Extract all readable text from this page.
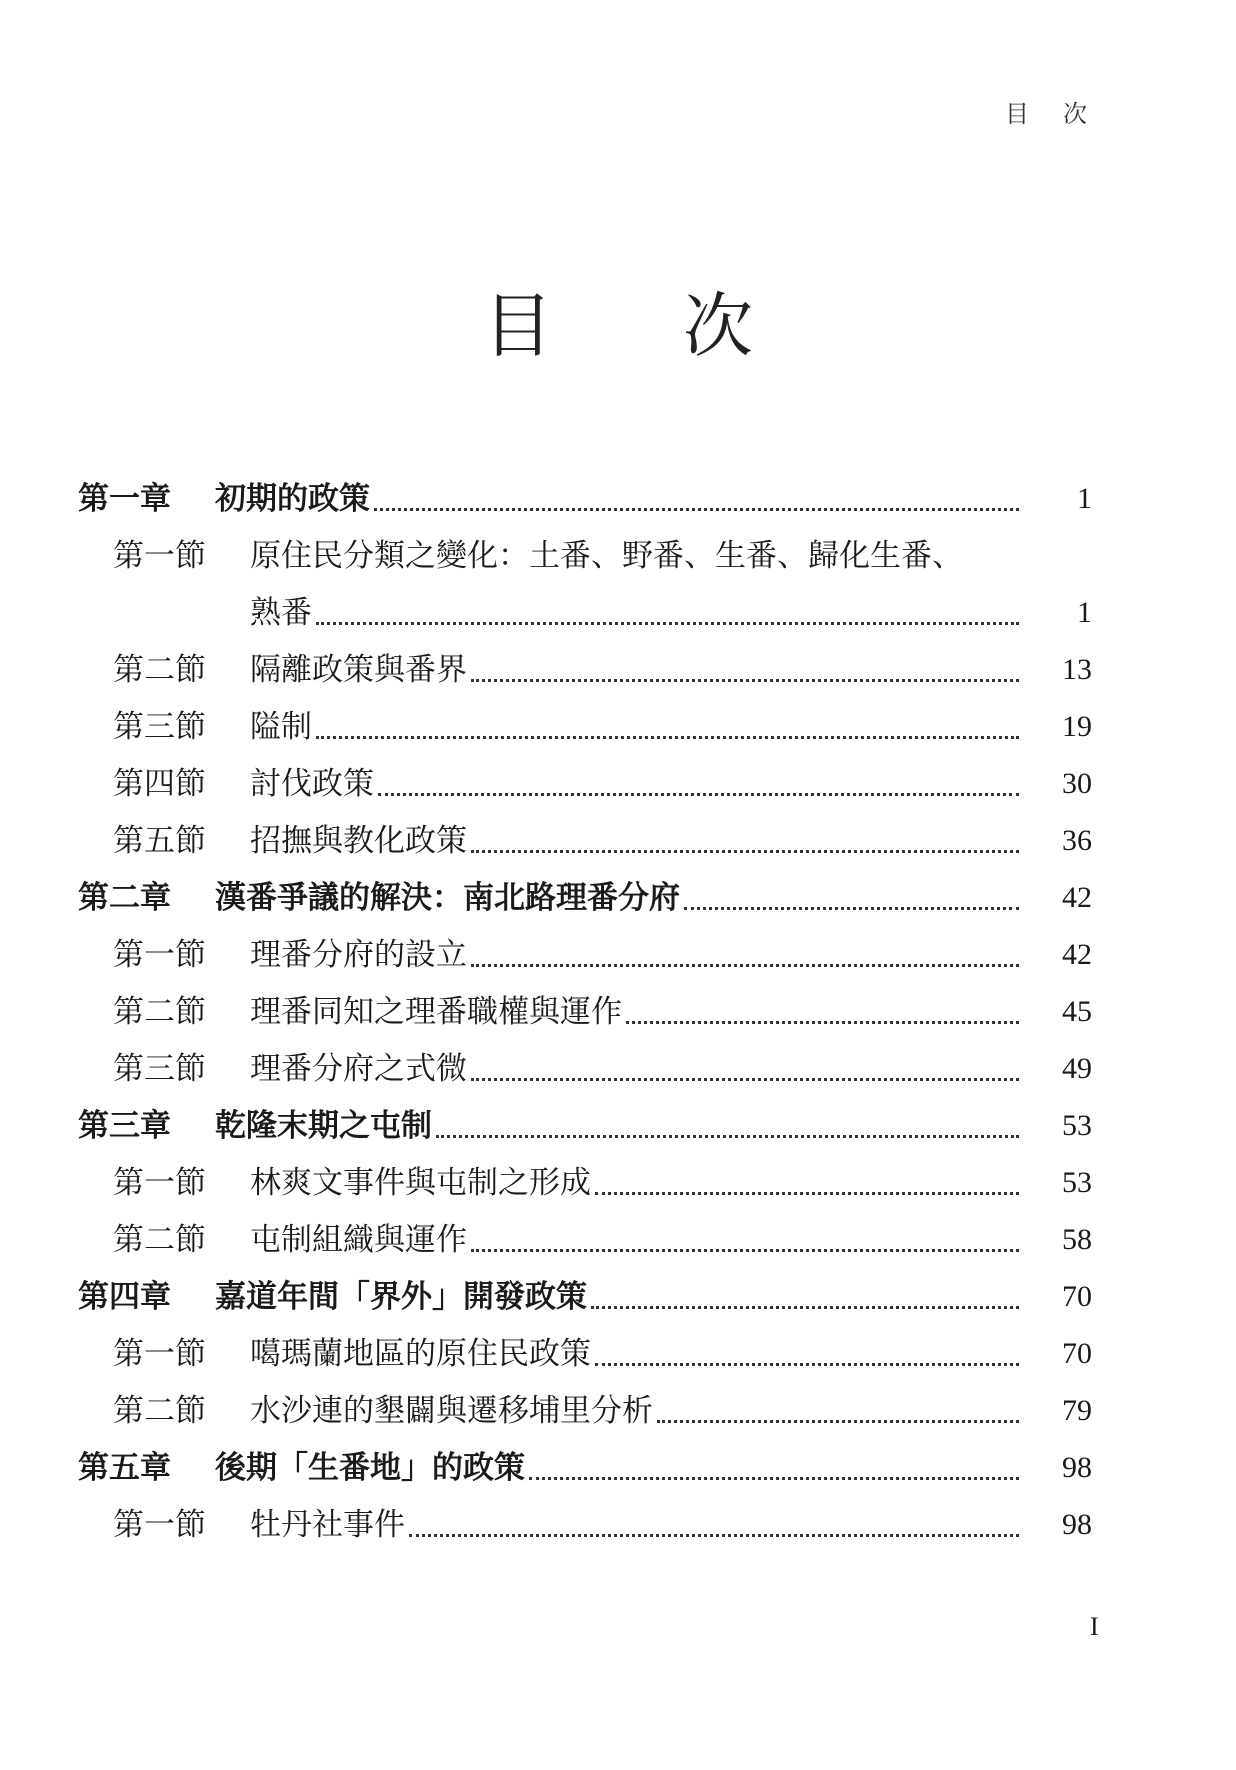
目 次
目 次
第一章	初期的政策	1
第一節	原住民分類之變化：土番、野番、生番、歸化生番、
熟番	1
第二節	隔離政策與番界	13
第三節	隘制	19
第四節	討伐政策	30
第五節	招撫與教化政策	36
第二章	漢番爭議的解決：南北路理番分府	42
第一節	理番分府的設立	42
第二節	理番同知之理番職權與運作	45
第三節	理番分府之式微	49
第三章	乾隆末期之屯制	53
第一節	林爽文事件與屯制之形成	53
第二節	屯制組織與運作	58
第四章	嘉道年間「界外」開發政策	70
第一節	噶瑪蘭地區的原住民政策	70
第二節	水沙連的墾闢與遷移埔里分析	79
第五章	後期「生番地」的政策	98
第一節	牡丹社事件	98
I
